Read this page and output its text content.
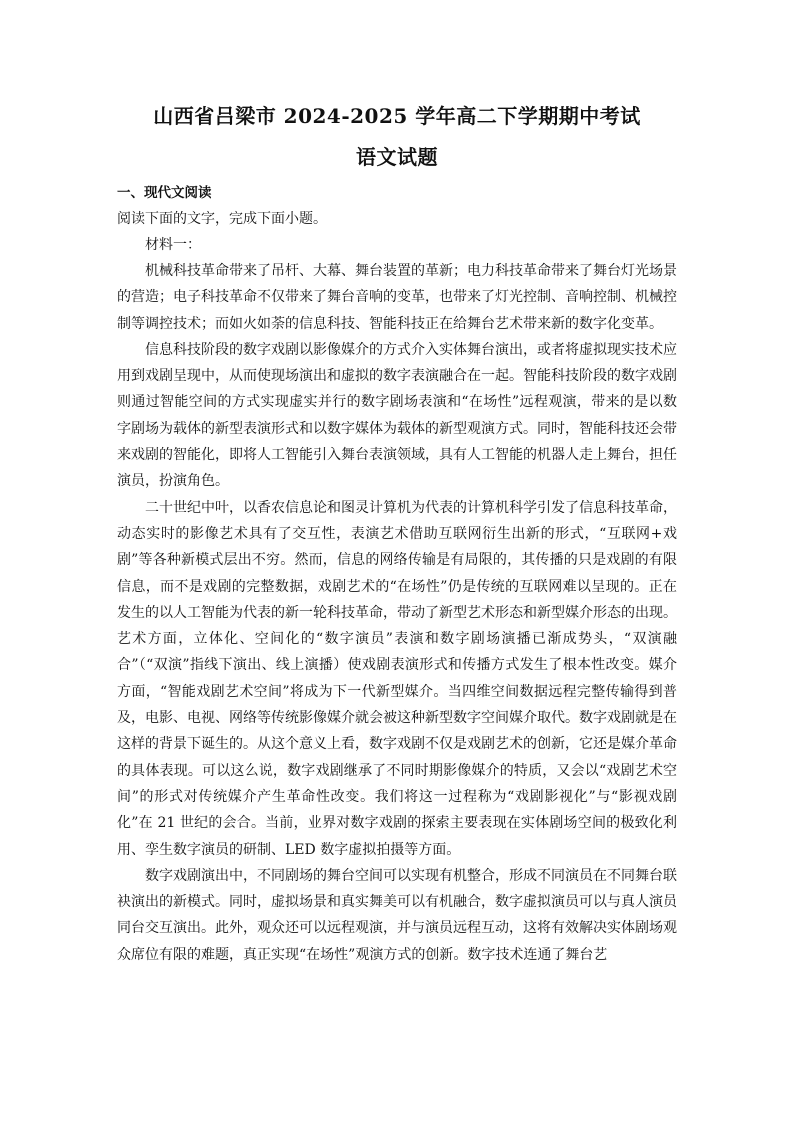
山西省吕梁市 2024-2025 学年高二下学期期中考试
语文试题
一、现代文阅读
阅读下面的文字，完成下面小题。
材料一：

机械科技革命带来了吊杆、大幕、舞台装置的革新；电力科技革命带来了舞台灯光场景的营造；电子科技革命不仅带来了舞台音响的变革，也带来了灯光控制、音响控制、机械控制等调控技术；而如火如荼的信息科技、智能科技正在给舞台艺术带来新的数字化变革。

信息科技阶段的数字戏剧以影像媒介的方式介入实体舞台演出，或者将虚拟现实技术应用到戏剧呈现中，从而使现场演出和虚拟的数字表演融合在一起。智能科技阶段的数字戏剧则通过智能空间的方式实现虚实并行的数字剧场表演和“在场性”远程观演，带来的是以数字剧场为载体的新型表演形式和以数字媒体为载体的新型观演方式。同时，智能科技还会带来戏剧的智能化，即将人工智能引入舞台表演领域，具有人工智能的机器人走上舞台，担任演员，扮演角色。

二十世纪中叶，以香农信息论和图灵计算机为代表的计算机科学引发了信息科技革命，动态实时的影像艺术具有了交互性，表演艺术借助互联网衍生出新的形式，“互联网+戏剧”等各种新模式层出不穷。然而，信息的网络传输是有局限的，其传播的只是戏剧的有限信息，而不是戏剧的完整数据，戏剧艺术的“在场性”仍是传统的互联网难以呈现的。正在发生的以人工智能为代表的新一轮科技革命，带动了新型艺术形态和新型媒介形态的出现。艺术方面，立体化、空间化的“数字演员”表演和数字剧场演播已渐成势头，“双演融合”（“双演”指线下演出、线上演播）使戏剧表演形式和传播方式发生了根本性改变。媒介方面，“智能戏剧艺术空间”将成为下一代新型媒介。当四维空间数据远程完整传输得到普及，电影、电视、网络等传统影像媒介就会被这种新型数字空间媒介取代。数字戏剧就是在这样的背景下诞生的。从这个意义上看，数字戏剧不仅是戏剧艺术的创新，它还是媒介革命的具体表现。可以这么说，数字戏剧继承了不同时期影像媒介的特质，又会以“戏剧艺术空间”的形式对传统媒介产生革命性改变。我们将这一过程称为“戏剧影视化”与“影视戏剧化”在 21 世纪的会合。当前，业界对数字戏剧的探索主要表现在实体剧场空间的极致化利用、孪生数字演员的研制、LED 数字虚拟拍摄等方面。

数字戏剧演出中，不同剧场的舞台空间可以实现有机整合，形成不同演员在不同舞台联袂演出的新模式。同时，虚拟场景和真实舞美可以有机融合，数字虚拟演员可以与真人演员同台交互演出。此外，观众还可以远程观演，并与演员远程互动，这将有效解决实体剧场观众席位有限的难题，真正实现“在场性”观演方式的创新。数字技术连通了舞台艺
